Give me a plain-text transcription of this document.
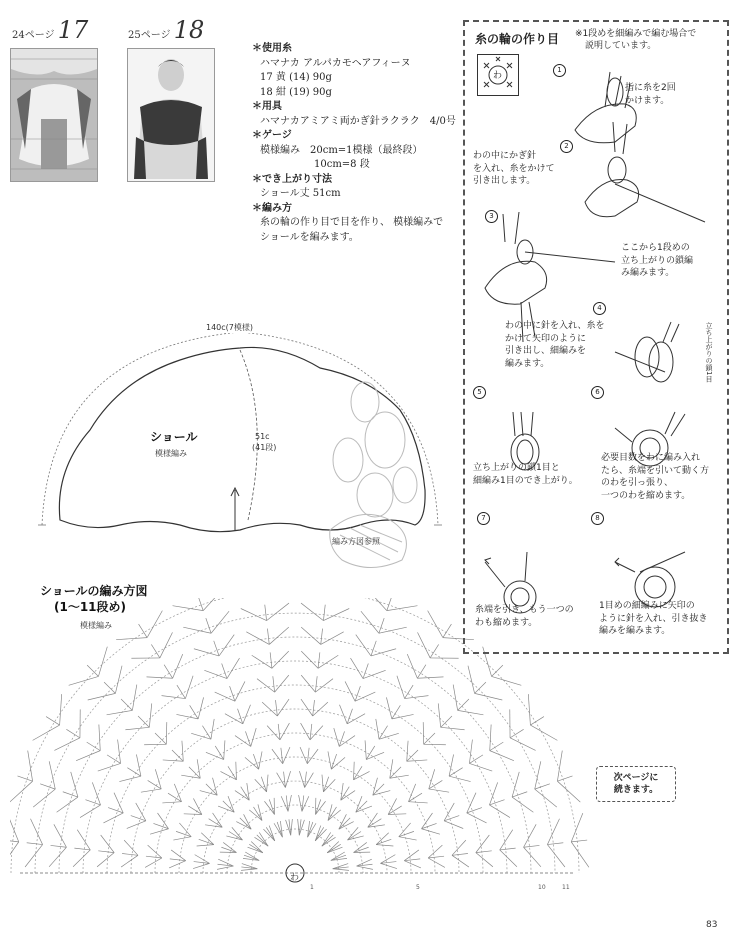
24ページ 17	25ページ 18
＊使用糸
ハマナカ アルパカモヘアフィーヌ
17 黄 (14) 90g
18 紺 (19) 90g
＊用具
ハマナカアミアミ両かぎ針ラクラク　4/0号
＊ゲージ
模様編み　20cm=1模様（最終段）
10cm=8 段
＊でき上がり寸法
ショール丈 51cm
＊編み方
糸の輪の作り目で目を作り、 模様編みで
ショールを編みます。
140c(7模様)
ショール
模様編み
51c
(41段)
編み方図参照
ショールの編み方図
(1～11段め)
模様編み
わ
1	5	10	11
糸の輪の作り目 ※1段めを細編みで編む場合で
説明しています。
わ
1
指に糸を2回
かけます。
2
わの中にかぎ針
を入れ、糸をかけて
引き出します。
3
ここから1段めの
立ち上がりの鎖編
み編みます。
4
わの中に針を入れ、糸を
かけて矢印のように
引き出し、細編みを
編みます。	立ち上がりの鎖1目
5
立ち上がりの鎖1目と
細編み1目のでき上がり。
6
必要目数をわに編み入れ
たら、糸端を引いて動く方
のわを引っ張り、
一つのわを縮めます。
7
糸端を引き、もう一つの
わも縮めます。
8
1目めの細編みに矢印の
ように針を入れ、引き抜き
編みを編みます。
次ページに
続きます。
83
